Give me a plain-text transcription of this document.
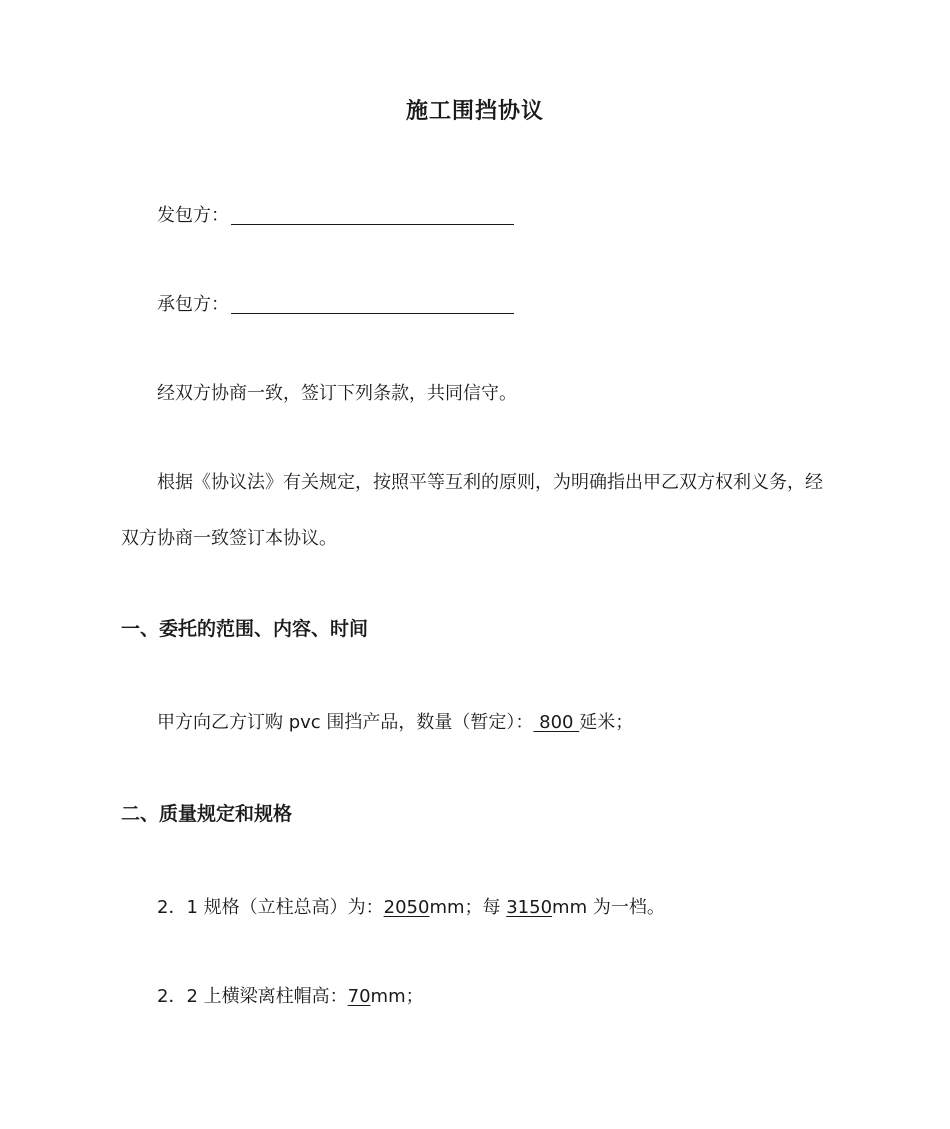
施工围挡协议
发包方：
承包方：
经双方协商一致，签订下列条款，共同信守。
根据《协议法》有关规定，按照平等互利的原则，为明确指出甲乙双方权利义务，经
双方协商一致签订本协议。
一、委托的范围、内容、时间
甲方向乙方订购 pvc 围挡产品，数量（暂定）： 800 延米；
二、质量规定和规格
2．1 规格（立柱总高）为：2050mm；每 3150mm 为一档。
2．2 上横梁离柱帽高：70mm；
